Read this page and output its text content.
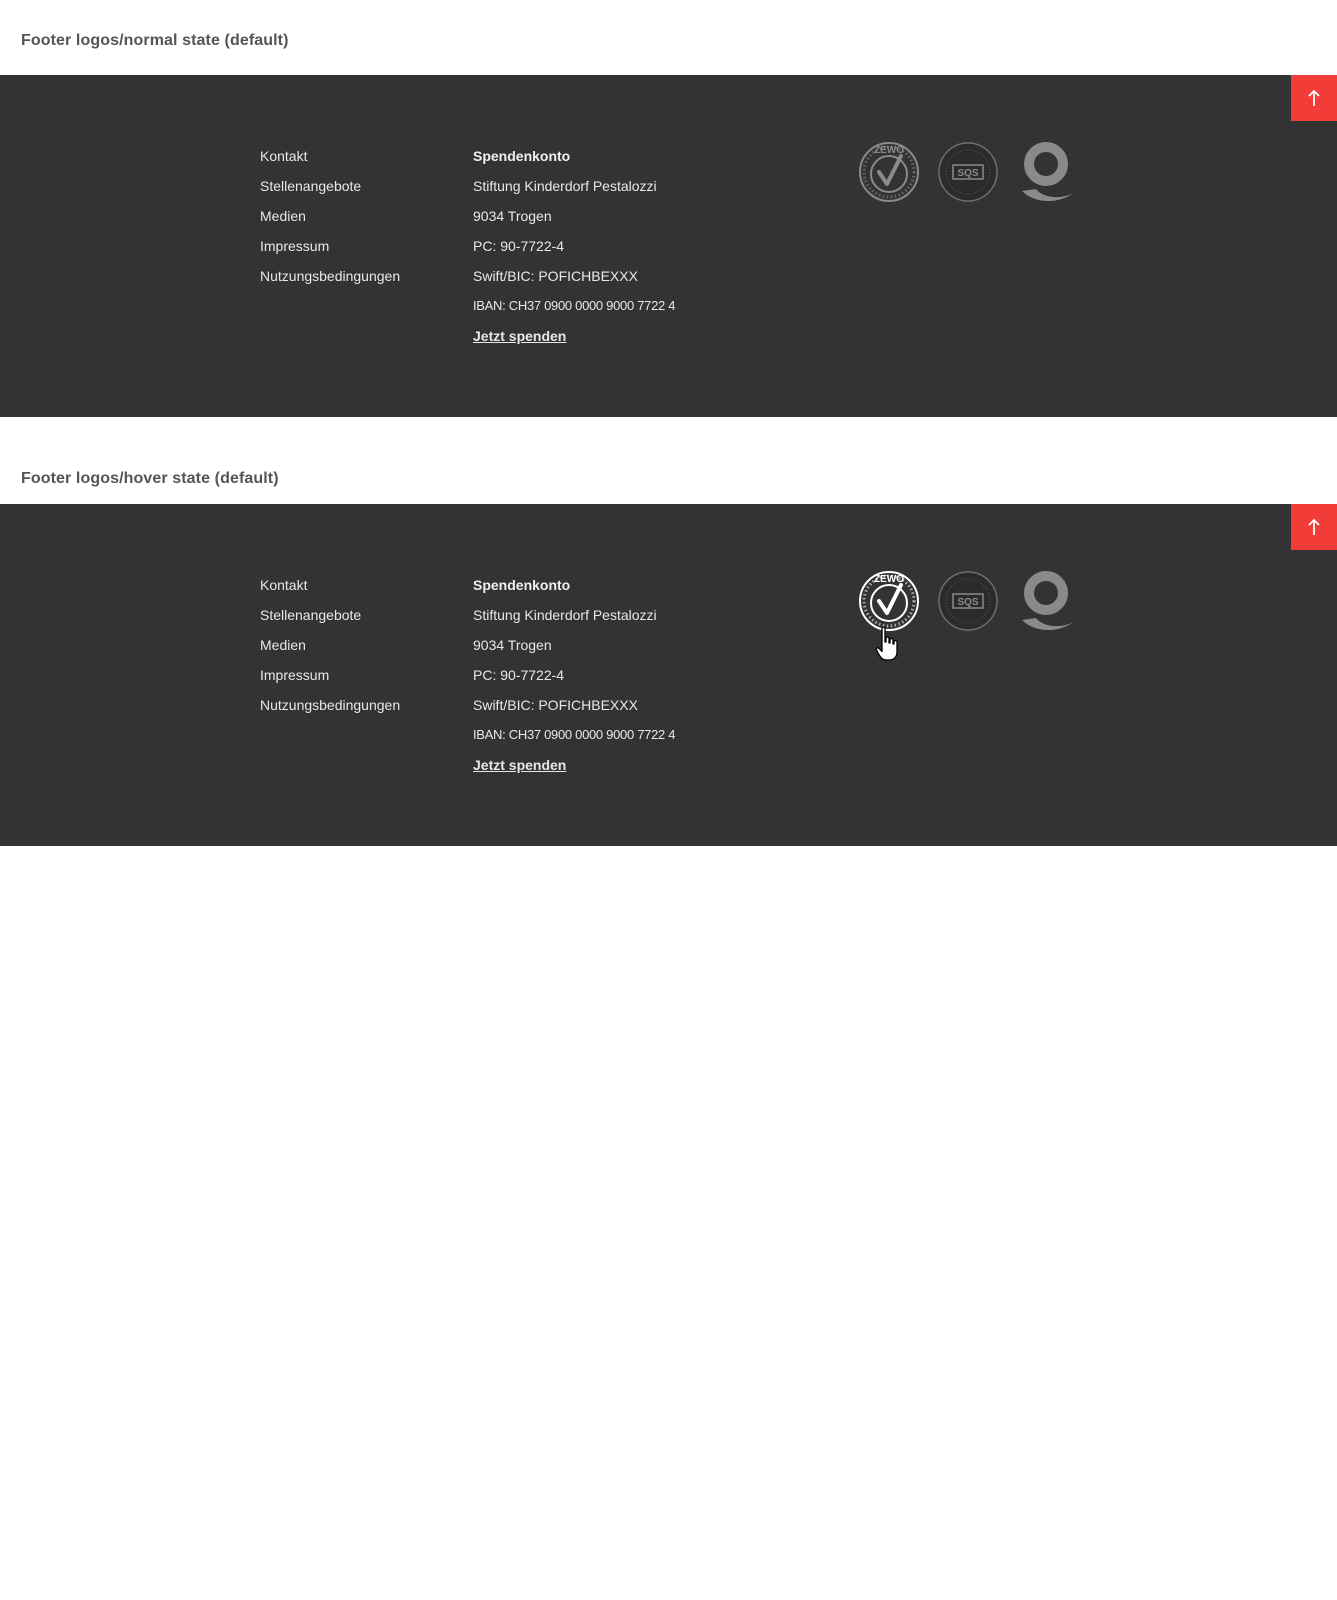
Footer logos/normal state (default)
Kontakt
Stellenangebote
Medien
Impressum
Nutzungsbedingungen
Spendenkonto
Stiftung Kinderdorf Pestalozzi
9034 Trogen
PC: 90-7722-4
Swift/BIC: POFICHBEXXX
IBAN: CH37 0900 0000 9000 7722 4
Jetzt spenden
ZEWO
SQS
Footer logos/hover state (default)
Kontakt
Stellenangebote
Medien
Impressum
Nutzungsbedingungen
Spendenkonto
Stiftung Kinderdorf Pestalozzi
9034 Trogen
PC: 90-7722-4
Swift/BIC: POFICHBEXXX
IBAN: CH37 0900 0000 9000 7722 4
Jetzt spenden
ZEWO
SQS
